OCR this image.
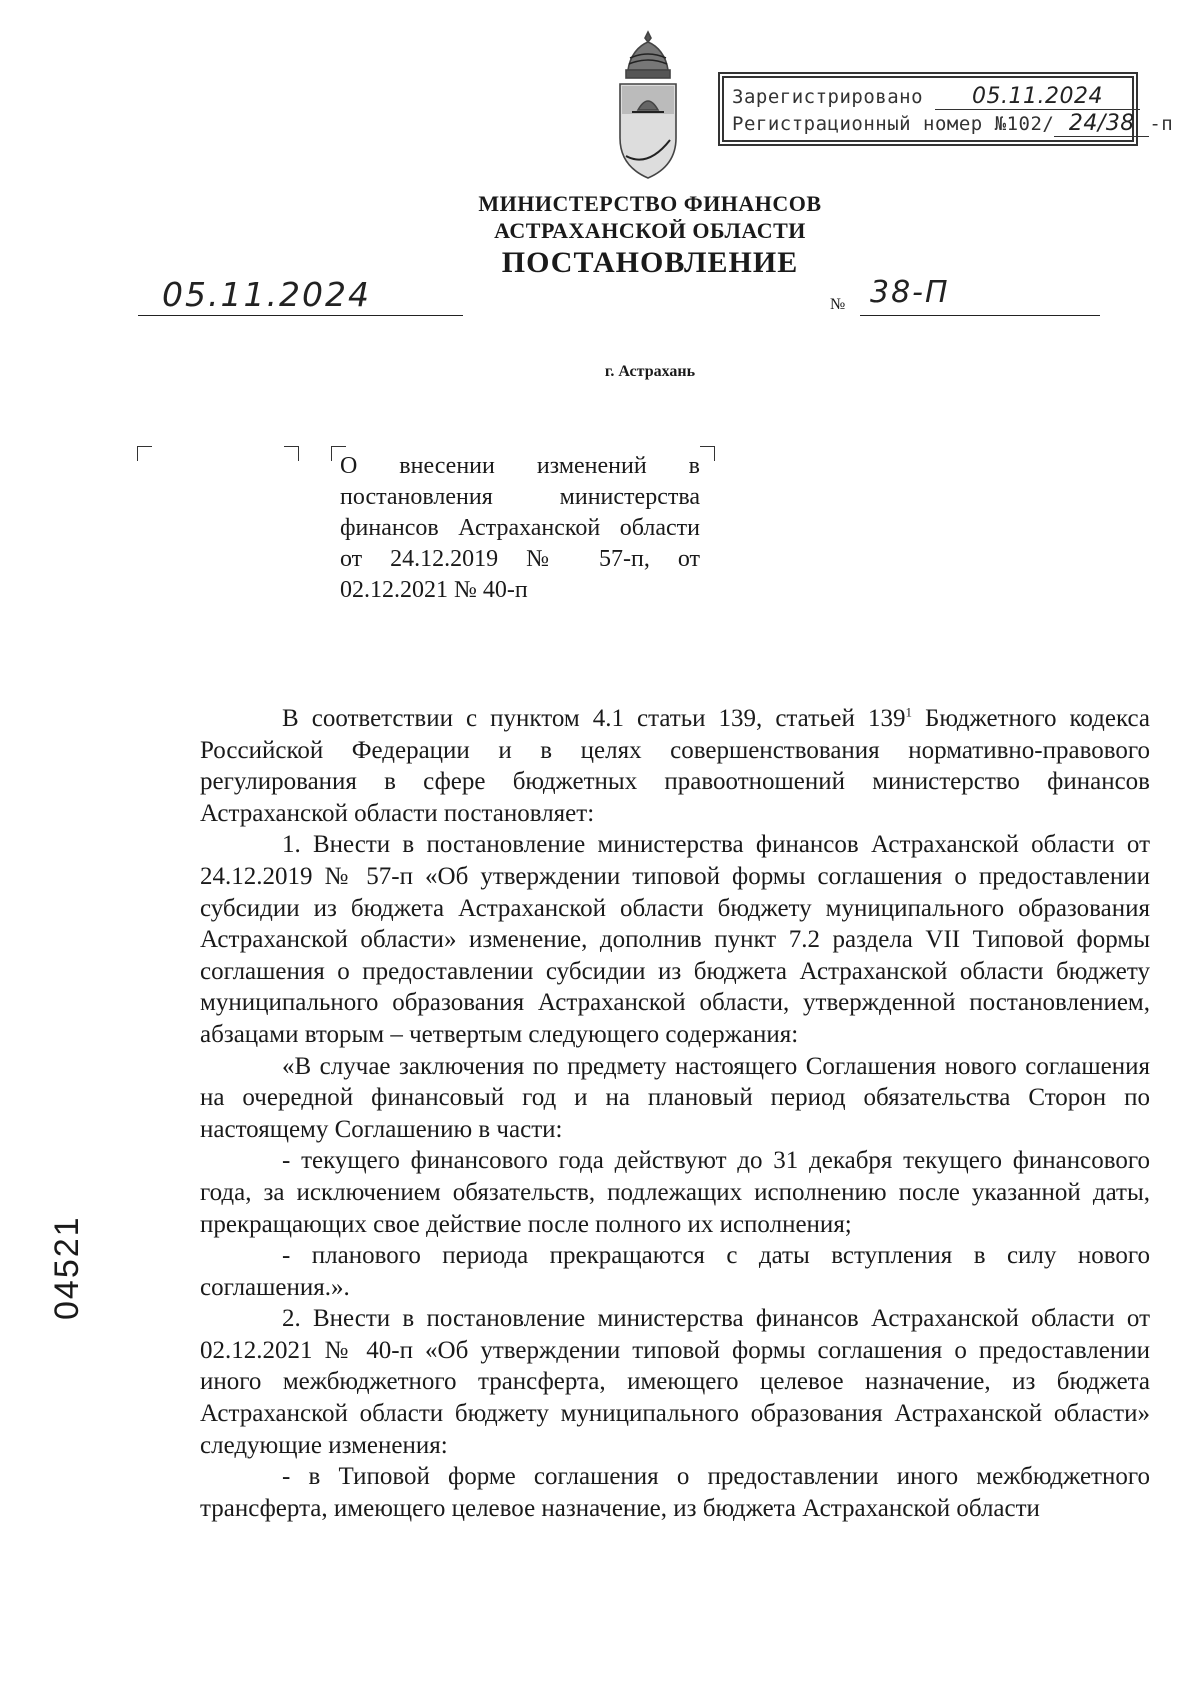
Зарегистрировано 05.11.2024
Регистрационный номер №102/ 24/38 -п
МИНИСТЕРСТВО ФИНАНСОВ
АСТРАХАНСКОЙ ОБЛАСТИ
ПОСТАНОВЛЕНИЕ
05.11.2024	№ 38-П
г. Астрахань
О внесении изменений в постановления министерства финансов Астраханской области от 24.12.2019 № 57-п, от 02.12.2021 № 40-п

В соответствии с пунктом 4.1 статьи 139, статьей $139^1$ Бюджетного кодекса Российской Федерации и в целях совершенствования нормативно-правового регулирования в сфере бюджетных правоотношений министерство финансов Астраханской области постановляет:

1. Внести в постановление министерства финансов Астраханской области от 24.12.2019 № 57-п «Об утверждении типовой формы соглашения о предоставлении субсидии из бюджета Астраханской области бюджету муниципального образования Астраханской области» изменение, дополнив пункт 7.2 раздела VII Типовой формы соглашения о предоставлении субсидии из бюджета Астраханской области бюджету муниципального образования Астраханской области, утвержденной постановлением, абзацами вторым – четвертым следующего содержания:

«В случае заключения по предмету настоящего Соглашения нового соглашения на очередной финансовый год и на плановый период обязательства Сторон по настоящему Соглашению в части:

- текущего финансового года действуют до 31 декабря текущего финансового года, за исключением обязательств, подлежащих исполнению после указанной даты, прекращающих свое действие после полного их исполнения;

- планового периода прекращаются с даты вступления в силу нового соглашения.».

2. Внести в постановление министерства финансов Астраханской области от 02.12.2021 № 40-п «Об утверждении типовой формы соглашения о предоставлении иного межбюджетного трансферта, имеющего целевое назначение, из бюджета Астраханской области бюджету муниципального образования Астраханской области» следующие изменения:

- в Типовой форме соглашения о предоставлении иного межбюджетного трансферта, имеющего целевое назначение, из бюджета Астраханской области

04521
